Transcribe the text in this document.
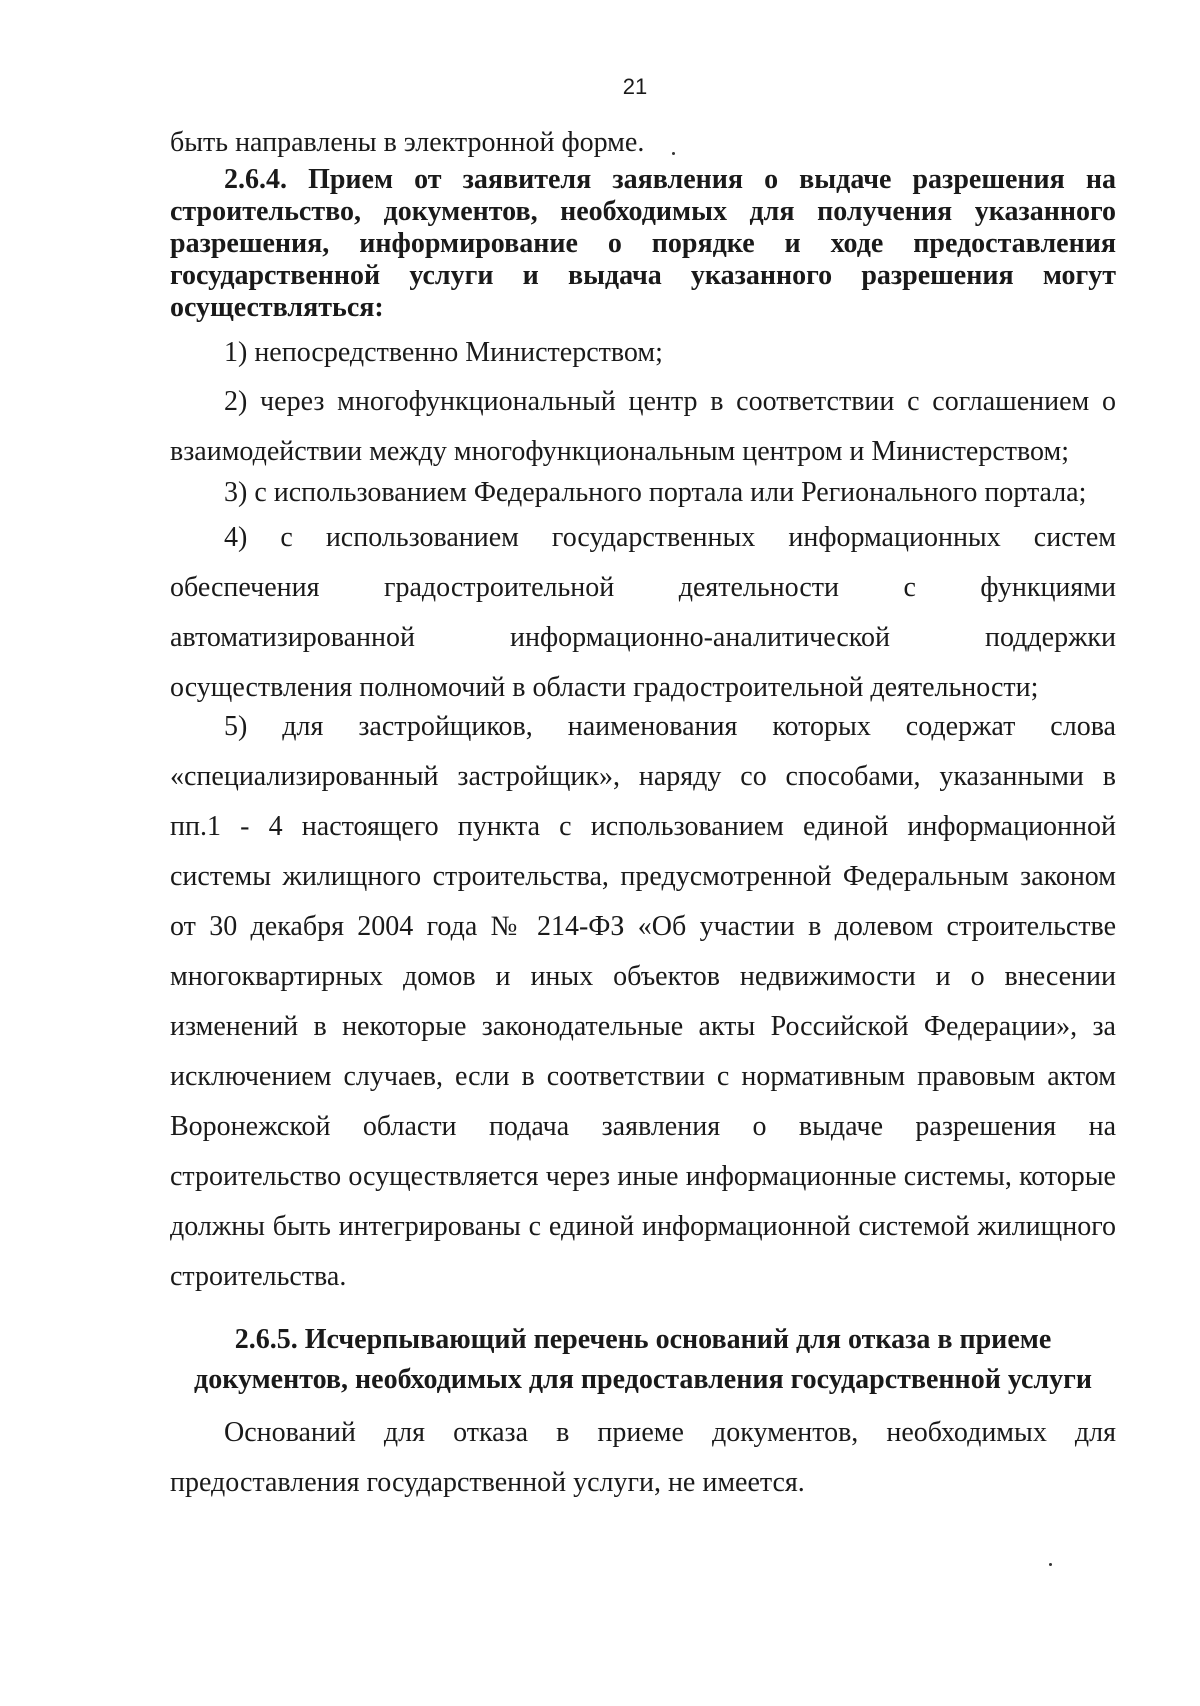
21
быть направлены в электронной форме.
2.6.4. Прием от заявителя заявления о выдаче разрешения на
строительство, документов, необходимых для получения указанного
разрешения, информирование о порядке и ходе предоставления
государственной услуги и выдача указанного разрешения могут
осуществляться:
1) непосредственно Министерством;
2) через многофункциональный центр в соответствии с соглашением о
взаимодействии между многофункциональным центром и Министерством;
3) с использованием Федерального портала или Регионального портала;
4) с использованием государственных информационных систем
обеспечения градостроительной деятельности с функциями
автоматизированной информационно-аналитической поддержки
осуществления полномочий в области градостроительной деятельности;
5) для застройщиков, наименования которых содержат слова
«специализированный застройщик», наряду со способами, указанными в
пп.1 - 4 настоящего пункта с использованием единой информационной
системы жилищного строительства, предусмотренной Федеральным законом
от 30 декабря 2004 года № 214-ФЗ «Об участии в долевом строительстве
многоквартирных домов и иных объектов недвижимости и о внесении
изменений в некоторые законодательные акты Российской Федерации», за
исключением случаев, если в соответствии с нормативным правовым актом
Воронежской области подача заявления о выдаче разрешения на
строительство осуществляется через иные информационные системы, которые
должны быть интегрированы с единой информационной системой жилищного
строительства.
2.6.5. Исчерпывающий перечень оснований для отказа в приеме
документов, необходимых для предоставления государственной услуги
Оснований для отказа в приеме документов, необходимых для
предоставления государственной услуги, не имеется.
